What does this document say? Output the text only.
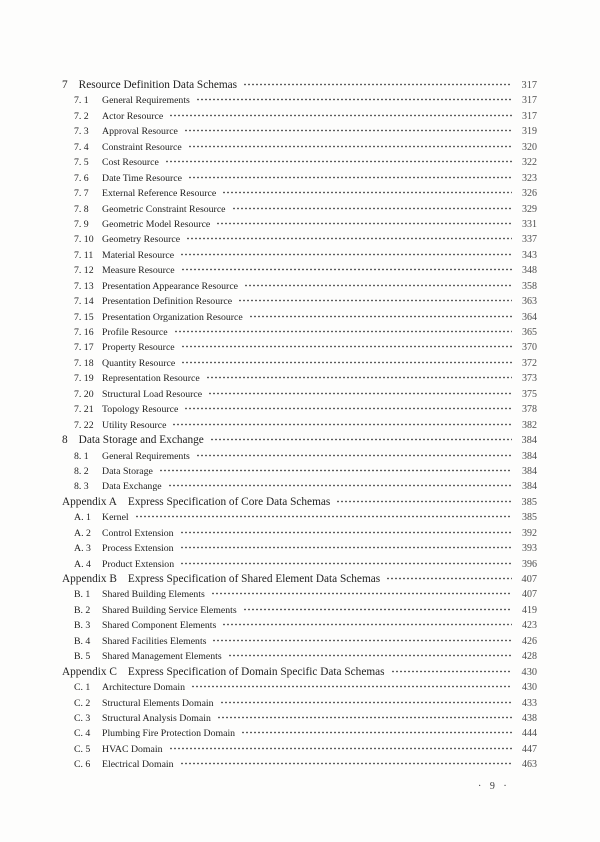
7 Resource Definition Data Schemas	317
7. 1	General Requirements	317
7. 2	Actor Resource	317
7. 3	Approval Resource	319
7. 4	Constraint Resource	320
7. 5	Cost Resource	322
7. 6	Date Time Resource	323
7. 7	External Reference Resource	326
7. 8	Geometric Constraint Resource	329
7. 9	Geometric Model Resource	331
7. 10 Geometry Resource	337
7. 11 Material Resource	343
7. 12 Measure Resource	348
7. 13 Presentation Appearance Resource	358
7. 14 Presentation Definition Resource	363
7. 15 Presentation Organization Resource	364
7. 16 Profile Resource	365
7. 17 Property Resource	370
7. 18 Quantity Resource	372
7. 19 Representation Resource	373
7. 20 Structural Load Resource	375
7. 21 Topology Resource	378
7. 22 Utility Resource	382
8 Data Storage and Exchange	384
8. 1	General Requirements	384
8. 2	Data Storage	384
8. 3	Data Exchange	384
Appendix A Express Specification of Core Data Schemas	385
A. 1	Kernel	385
A. 2	Control Extension	392
A. 3	Process Extension	393
A. 4	Product Extension	396
Appendix B Express Specification of Shared Element Data Schemas	407
B. 1	Shared Building Elements	407
B. 2	Shared Building Service Elements	419
B. 3	Shared Component Elements	423
B. 4	Shared Facilities Elements	426
B. 5	Shared Management Elements	428
Appendix C Express Specification of Domain Specific Data Schemas	430
C. 1	Architecture Domain	430
C. 2	Structural Elements Domain	433
C. 3	Structural Analysis Domain	438
C. 4	Plumbing Fire Protection Domain	444
C. 5	HVAC Domain	447
C. 6	Electrical Domain	463
· 9 ·
